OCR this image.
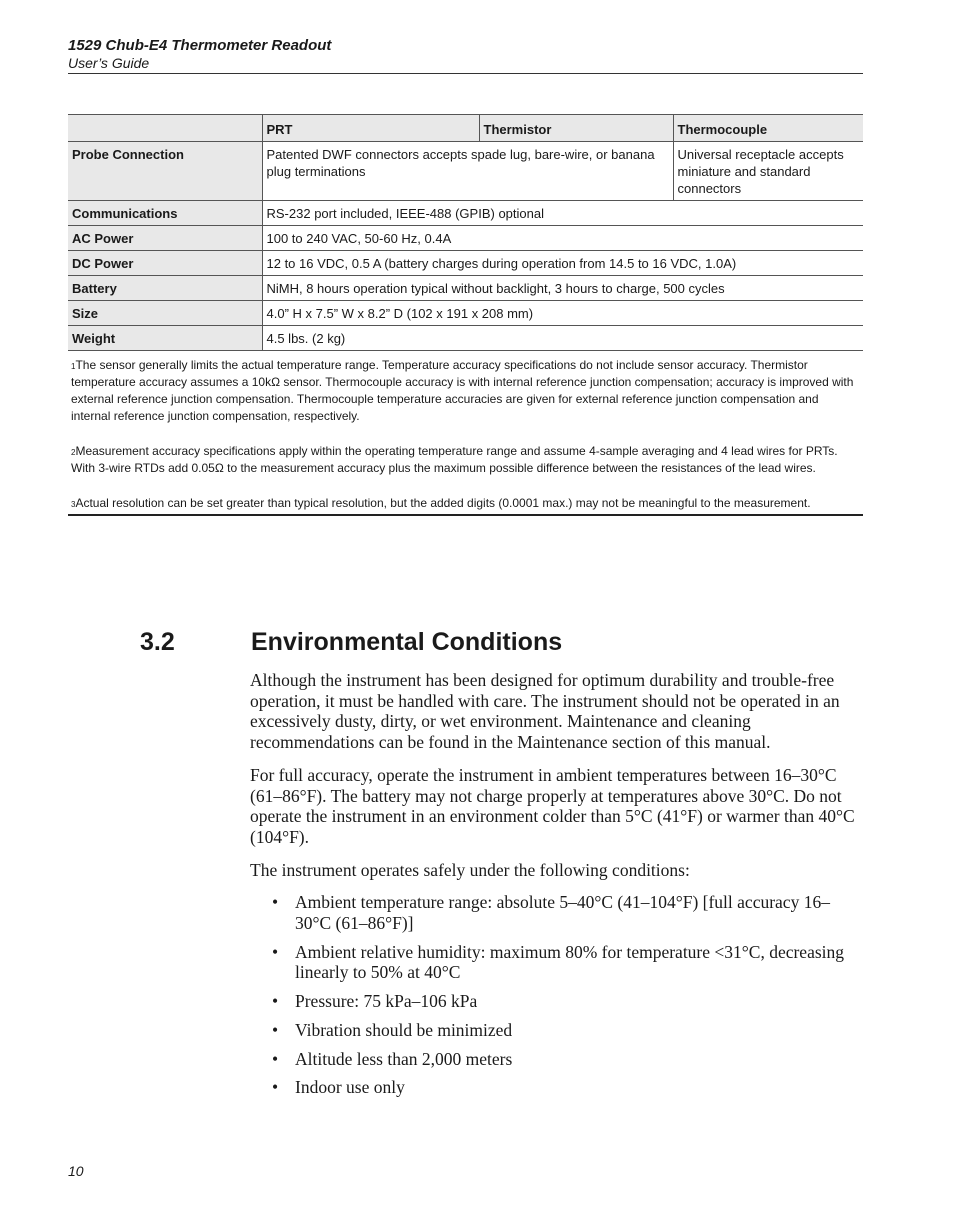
1529 Chub-E4 Thermometer Readout
User’s Guide
	PRT	Thermistor	Thermocouple
Probe Connection	Patented DWF connectors accepts spade lug, bare-wire, or banana plug terminations		Universal receptacle accepts miniature and standard connectors
Communications	RS-232 port included, IEEE-488 (GPIB) optional		
AC Power	100 to 240 VAC, 50-60 Hz, 0.4A		
DC Power	12 to 16 VDC, 0.5 A (battery charges during operation from 14.5 to 16 VDC, 1.0A)		
Battery	NiMH, 8 hours operation typical without backlight, 3 hours to charge, 500 cycles		
Size	4.0” H x 7.5” W x 8.2” D (102 x 191 x 208 mm)		
Weight	4.5 lbs. (2 kg)		

$^1$The sensor generally limits the actual temperature range. Temperature accuracy specifications do not include sensor accuracy. Thermistor temperature accuracy assumes a 10kΩ sensor. Thermocouple accuracy is with internal reference junction compensation; accuracy is improved with external reference junction compensation. Thermocouple temperature accuracies are given for external reference junction compensation and internal reference junction compensation, respectively.

$^2$Measurement accuracy specifications apply within the operating temperature range and assume 4-sample averaging and 4 lead wires for PRTs. With 3-wire RTDs add 0.05Ω to the measurement accuracy plus the maximum possible difference between the resistances of the lead wires.

$^3$Actual resolution can be set greater than typical resolution, but the added digits (0.0001 max.) may not be meaningful to the measurement.

3.2	Environmental Conditions

Although the instrument has been designed for optimum durability and trouble-free operation, it must be handled with care. The instrument should not be operated in an excessively dusty, dirty, or wet environment. Maintenance and cleaning recommendations can be found in the Maintenance section of this manual.

For full accuracy, operate the instrument in ambient temperatures between 16–30°C (61–86°F). The battery may not charge properly at temperatures above 30°C. Do not operate the instrument in an environment colder than 5°C (41°F) or warmer than 40°C (104°F).

The instrument operates safely under the following conditions:

• Ambient temperature range: absolute 5–40°C (41–104°F) [full accuracy 16–30°C (61–86°F)]
• Ambient relative humidity: maximum 80% for temperature <31°C, decreasing linearly to 50% at 40°C
• Pressure: 75 kPa–106 kPa
• Vibration should be minimized
• Altitude less than 2,000 meters
• Indoor use only
10
